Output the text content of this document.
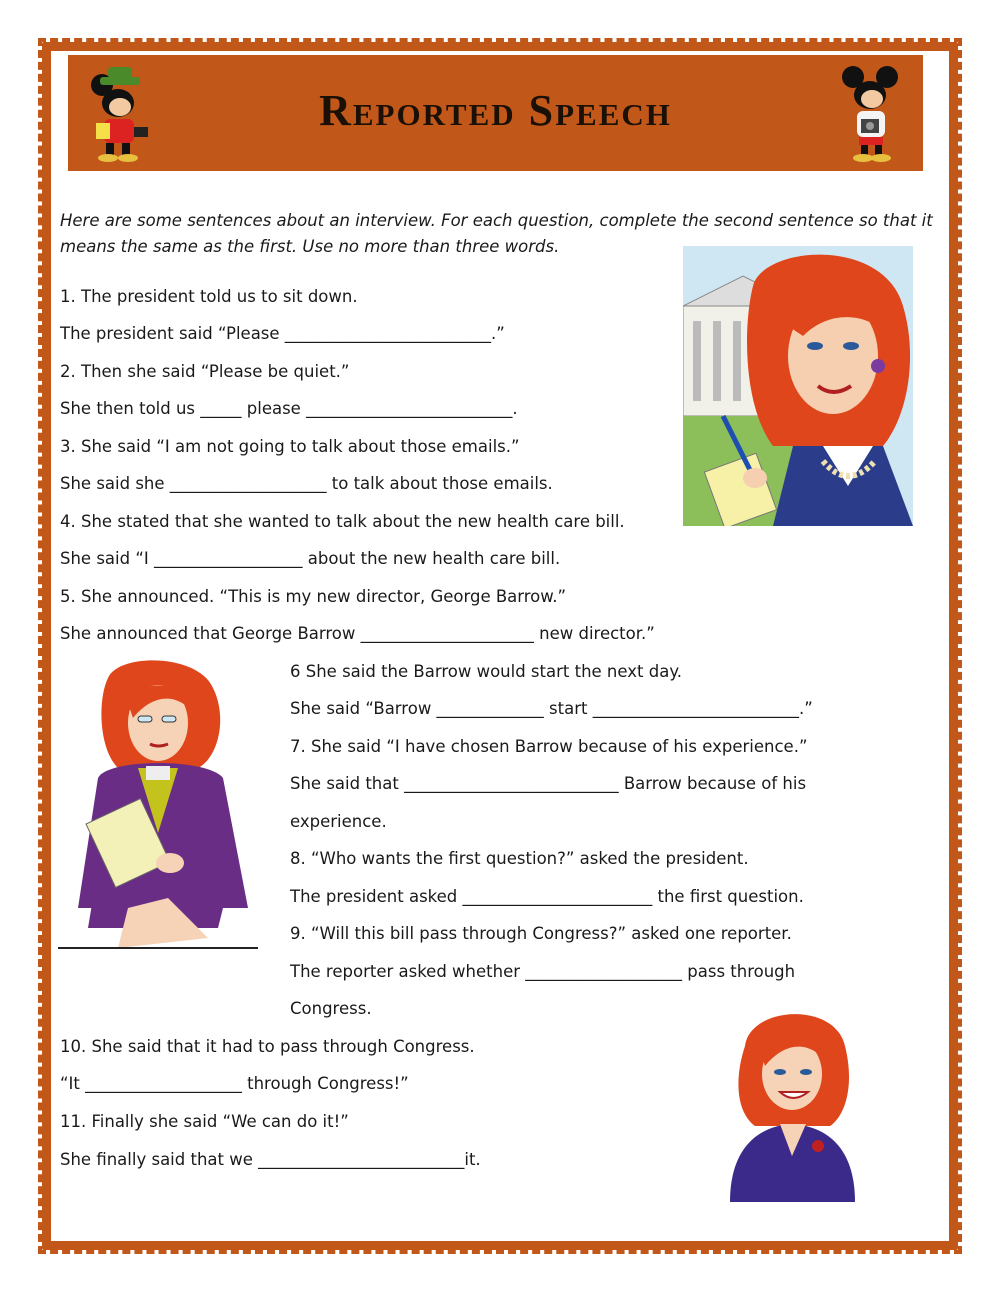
Reported Speech
Here are some sentences about an interview. For each question, complete the second sentence so that it means the same as the first. Use no more than three words.
1. The president told us to sit down.
The president said “Please _________________________.”
2. Then she said “Please be quiet.”
She then told us _____ please _________________________.
3. She said “I am not going to talk about those emails.”
She said she ___________________ to talk about those emails.
4. She stated that she wanted to talk about the new health care bill.
She said “I __________________ about the new health care bill.
5. She announced. “This is my new director, George Barrow.”
She announced that George Barrow _____________________ new director.”
6 She said the Barrow would start the next day.
She said “Barrow _____________ start _________________________.”
7. She said “I have chosen Barrow because of his experience.”
She said that __________________________ Barrow because of his
experience.
8. “Who wants the first question?” asked the president.
The president asked _______________________ the first question.
9. “Will this bill pass through Congress?” asked one reporter.
The reporter asked whether ___________________ pass through
Congress.
10. She said that it had to pass through Congress.
“It ___________________ through Congress!”
11. Finally she said “We can do it!”
She finally said that we _________________________it.
